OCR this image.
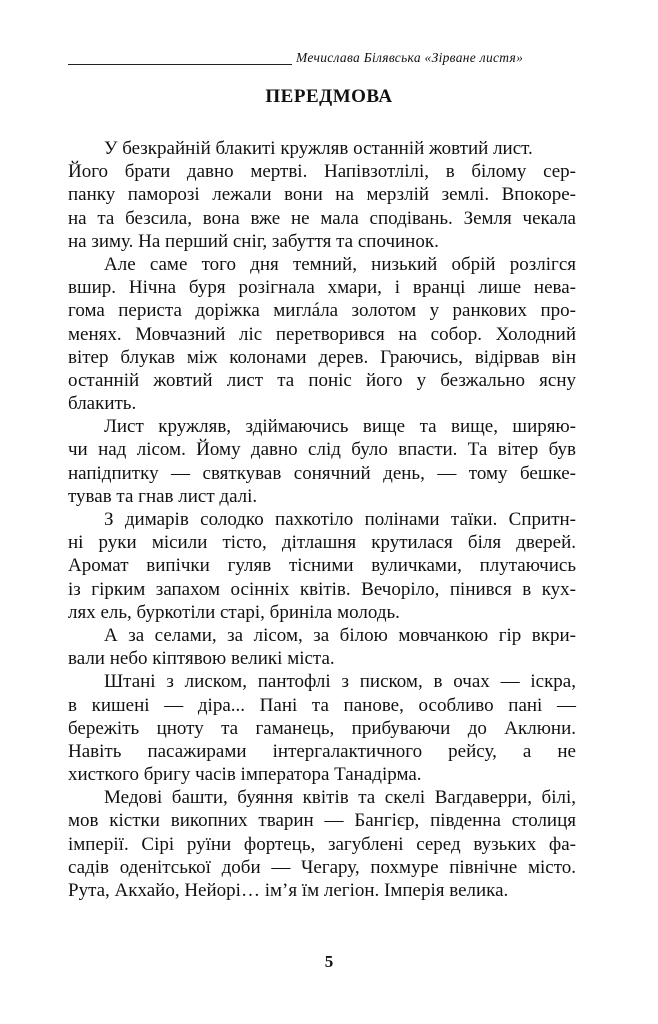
Мечислава Білявська «Зірване листя»
ПЕРЕДМОВА
У безкрайній блакиті кружляв останній жовтий лист.
Його брати давно мертві. Напівзотлілі, в білому сер-
панку паморозі лежали вони на мерзлій землі. Впокоре-
на та безсила, вона вже не мала сподівань. Земля чекала
на зиму. На перший сніг, забуття та спочинок.
Але саме того дня темний, низький обрій розлігся
вшир. Нічна буря розігнала хмари, і вранці лише нева-
гома периста доріжка миглáла золотом у ранкових про-
менях. Мовчазний ліс перетворився на собор. Холодний
вітер блукав між колонами дерев. Граючись, відірвав він
останній жовтий лист та поніс його у безжально ясну
блакить.
Лист кружляв, здіймаючись вище та вище, ширяю-
чи над лісом. Йому давно слід було впасти. Та вітер був
напідпитку — святкував сонячний день, — тому бешке-
тував та гнав лист далі.
З димарів солодко пахкотіло полінами таїки. Спритн-
ні руки місили тісто, дітлашня крутилася біля дверей.
Аромат випічки гуляв тісними вуличками, плутаючись
із гірким запахом осінніх квітів. Вечоріло, пінився в кух-
лях ель, буркотіли старі, бриніла молодь.
А за селами, за лісом, за білою мовчанкою гір вкри-
вали небо кіптявою великі міста.
Штані з лиском, пантофлі з писком, в очах — іскра,
в кишені — діра... Пані та панове, особливо пані —
бережіть цноту та гаманець, прибуваючи до Аклюни.
Навіть пасажирами інтергалактичного рейсу, а не
хисткого бригу часів імператора Танадірма.
Медові башти, буяння квітів та скелі Вагдаверри, білі,
мов кістки викопних тварин — Бангієр, південна столиця
імперії. Сірі руїни фортець, загублені серед вузьких фа-
садів оденітської доби — Чегару, похмуре північне місто.
Рута, Акхайо, Нейорі… ім’я їм легіон. Імперія велика.
5
